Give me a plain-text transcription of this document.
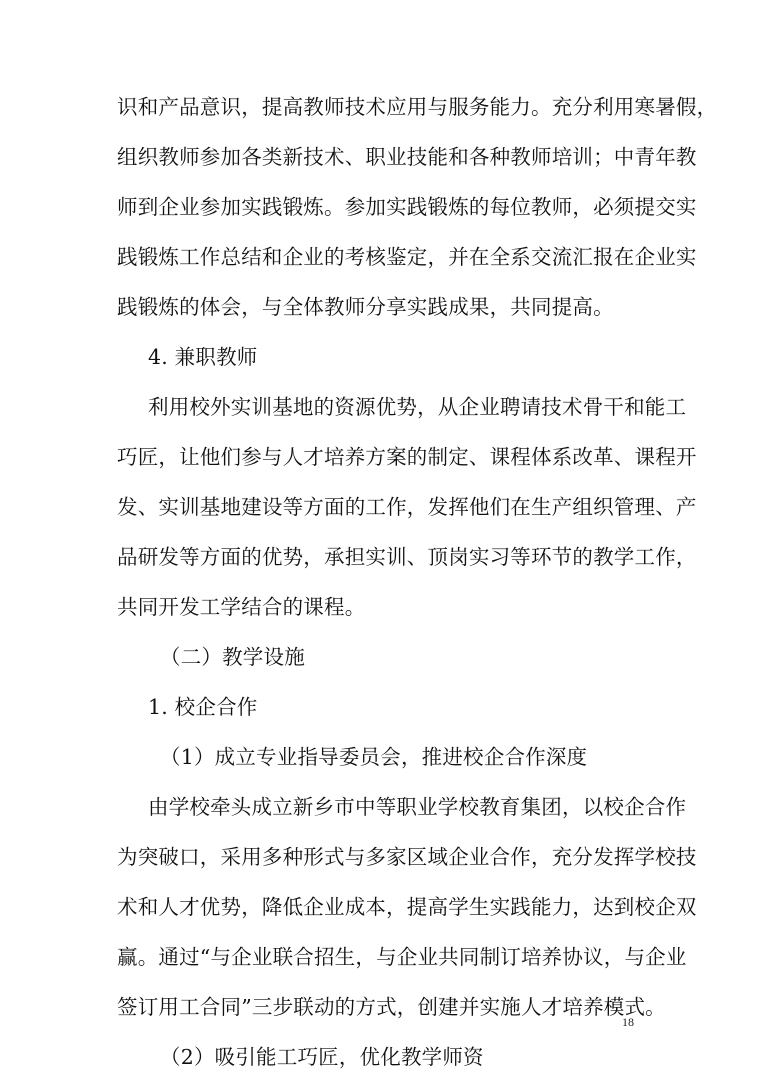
识和产品意识，提高教师技术应用与服务能力。充分利用寒暑假，
组织教师参加各类新技术、职业技能和各种教师培训；中青年教
师到企业参加实践锻炼。参加实践锻炼的每位教师，必须提交实
践锻炼工作总结和企业的考核鉴定，并在全系交流汇报在企业实
践锻炼的体会，与全体教师分享实践成果，共同提高。
4. 兼职教师
利用校外实训基地的资源优势，从企业聘请技术骨干和能工
巧匠，让他们参与人才培养方案的制定、课程体系改革、课程开
发、实训基地建设等方面的工作，发挥他们在生产组织管理、产
品研发等方面的优势，承担实训、顶岗实习等环节的教学工作，
共同开发工学结合的课程。
（二）教学设施
1. 校企合作
（1）成立专业指导委员会，推进校企合作深度
由学校牵头成立新乡市中等职业学校教育集团，以校企合作
为突破口，采用多种形式与多家区域企业合作，充分发挥学校技
术和人才优势，降低企业成本，提高学生实践能力，达到校企双
赢。通过“与企业联合招生，与企业共同制订培养协议，与企业
签订用工合同”三步联动的方式，创建并实施人才培养模式。
（2）吸引能工巧匠，优化教学师资
18
